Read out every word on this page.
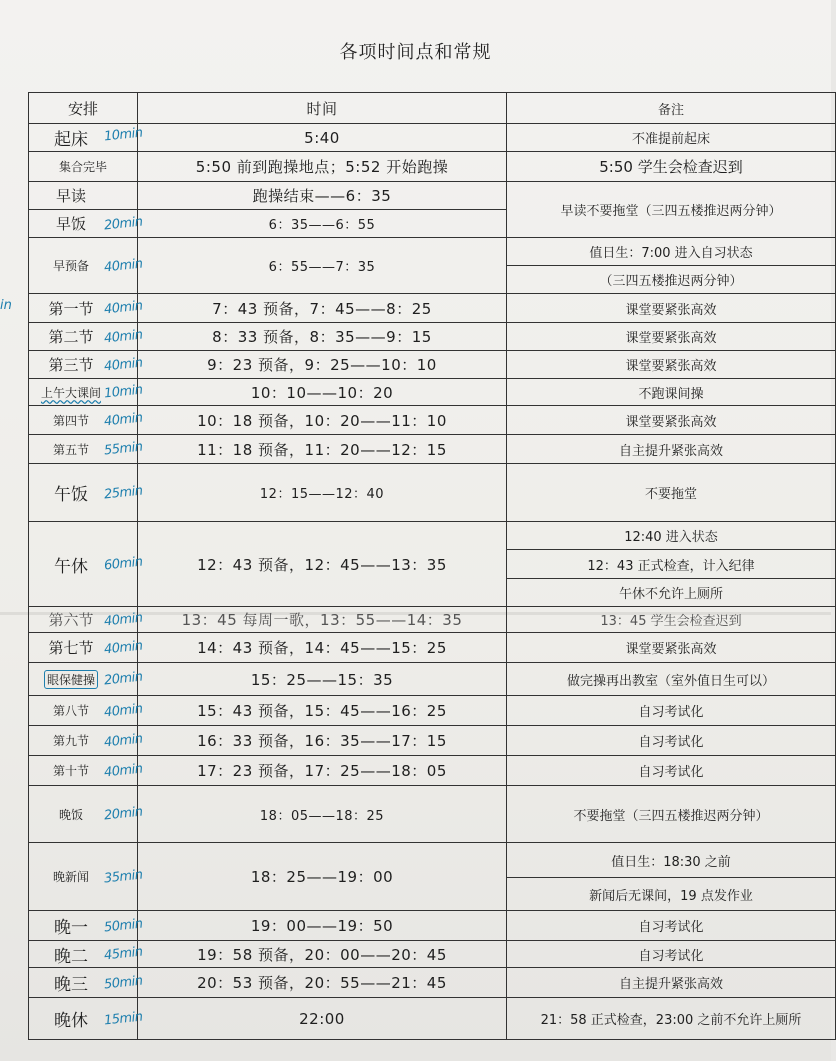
in
各项时间点和常规
安排	时间	备注
起床 10min	5:40	不准提前起床
集合完毕	5:50 前到跑操地点；5:52 开始跑操	5:50 学生会检查迟到
早读	跑操结束——6：35	早读不要拖堂（三四五楼推迟两分钟）
早饭 20min	6：35——6：55	
早预备 40min	6：55——7：35	值日生：7:00 进入自习状态
		（三四五楼推迟两分钟）
第一节 40min	7：43 预备，7：45——8：25	课堂要紧张高效
第二节 40min	8：33 预备，8：35——9：15	课堂要紧张高效
第三节 40min	9：23 预备，9：25——10：10	课堂要紧张高效
上午大课间 10min	10：10——10：20	不跑课间操
第四节 40min	10：18 预备，10：20——11：10	课堂要紧张高效
第五节 55min	11：18 预备，11：20——12：15	自主提升紧张高效
午饭 25min	12：15——12：40	不要拖堂
午休 60min	12：43 预备，12：45——13：35	12:40 进入状态
		12：43 正式检查，计入纪律
		午休不允许上厕所
第六节 40min	13：45 每周一歌，13：55——14：35	13：45 学生会检查迟到
第七节 40min	14：43 预备，14：45——15：25	课堂要紧张高效
眼保健操 20min	15：25——15：35	做完操再出教室（室外值日生可以）
第八节 40min	15：43 预备，15：45——16：25	自习考试化
第九节 40min	16：33 预备，16：35——17：15	自习考试化
第十节 40min	17：23 预备，17：25——18：05	自习考试化
晚饭 20min	18：05——18：25	不要拖堂（三四五楼推迟两分钟）
晚新闻 35min	18：25——19：00	值日生：18:30 之前
		新闻后无课间，19 点发作业
晚一 50min	19：00——19：50	自习考试化
晚二 45min	19：58 预备，20：00——20：45	自习考试化
晚三 50min	20：53 预备，20：55——21：45	自主提升紧张高效
晚休 15min	22:00	21：58 正式检查，23:00 之前不允许上厕所
